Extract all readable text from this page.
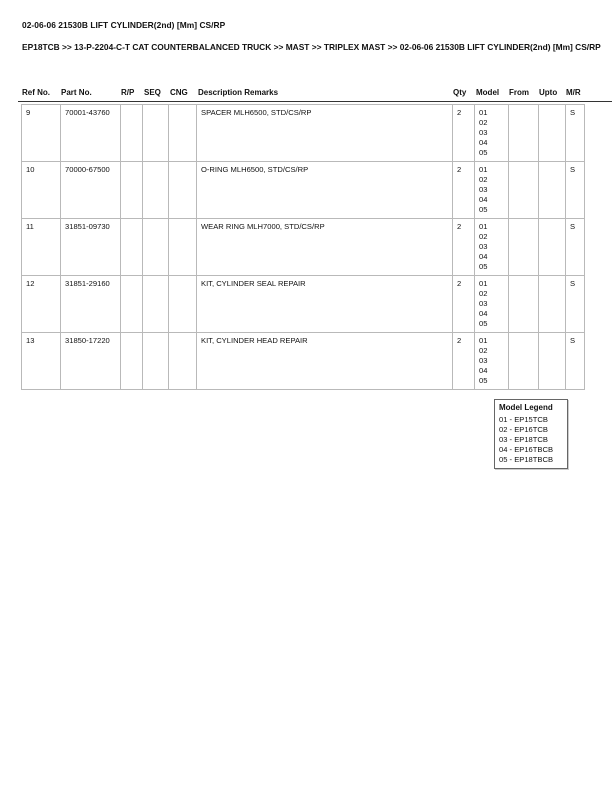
02-06-06 21530B LIFT CYLINDER(2nd) [Mm] CS/RP
EP18TCB >> 13-P-2204-C-T CAT COUNTERBALANCED TRUCK >> MAST >> TRIPLEX MAST >> 02-06-06 21530B LIFT CYLINDER(2nd) [Mm] CS/RP
Ref No. Part No.	R/P SEQ CNG Description Remarks	Qty Model From Upto M/R
9	70001-43760				SPACER MLH6500, STD/CS/RP	2	01
02
03
04
05			S
10	70000-67500				O-RING MLH6500, STD/CS/RP	2	01
02
03
04
05			S
11	31851-09730				WEAR RING MLH7000, STD/CS/RP	2	01
02
03
04
05			S
12	31851-29160				KIT, CYLINDER SEAL REPAIR	2	01
02
03
04
05			S
13	31850-17220				KIT, CYLINDER HEAD REPAIR	2	01
02
03
04
05			S
Model Legend
01 - EP15TCB
02 - EP16TCB
03 - EP18TCB
04 - EP16TBCB
05 - EP18TBCB
